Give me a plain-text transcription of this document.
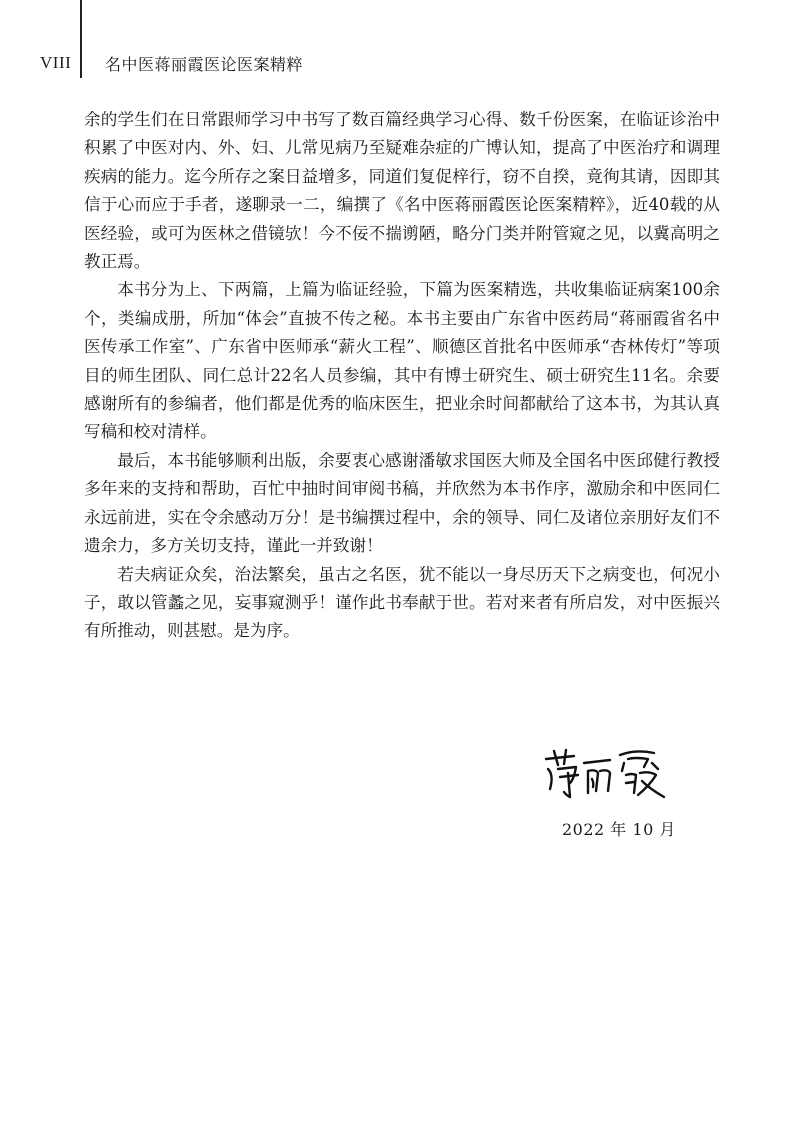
VIII 名中医蒋丽霞医论医案精粹

余的学生们在日常跟师学习中书写了数百篇经典学习心得、数千份医案，在临证诊治中积累了中医对内、外、妇、儿常见病乃至疑难杂症的广博认知，提高了中医治疗和调理疾病的能力。迄今所存之案日益增多，同道们复促梓行，窃不自揆，竟徇其请，因即其信于心而应于手者，遂聊录一二，编撰了《名中医蒋丽霞医论医案精粹》，近40载的从医经验，或可为医林之借镜欤！今不佞不揣谫陋，略分门类并附管窥之见，以冀高明之教正焉。

本书分为上、下两篇，上篇为临证经验，下篇为医案精选，共收集临证病案100余个，类编成册，所加“体会”直披不传之秘。本书主要由广东省中医药局“蒋丽霞省名中医传承工作室”、广东省中医师承“薪火工程”、顺德区首批名中医师承“杏林传灯”等项目的师生团队、同仁总计22名人员参编，其中有博士研究生、硕士研究生11名。余要感谢所有的参编者，他们都是优秀的临床医生，把业余时间都献给了这本书，为其认真写稿和校对清样。

最后，本书能够顺利出版，余要衷心感谢潘敏求国医大师及全国名中医邱健行教授多年来的支持和帮助，百忙中抽时间审阅书稿，并欣然为本书作序，激励余和中医同仁永远前进，实在令余感动万分！是书编撰过程中，余的领导、同仁及诸位亲朋好友们不遗余力，多方关切支持，谨此一并致谢！

若夫病证众矣，治法繁矣，虽古之名医，犹不能以一身尽历天下之病变也，何况小子，敢以管蠡之见，妄事窥测乎！谨作此书奉献于世。若对来者有所启发，对中医振兴有所推动，则甚慰。是为序。

2022 年 10 月
